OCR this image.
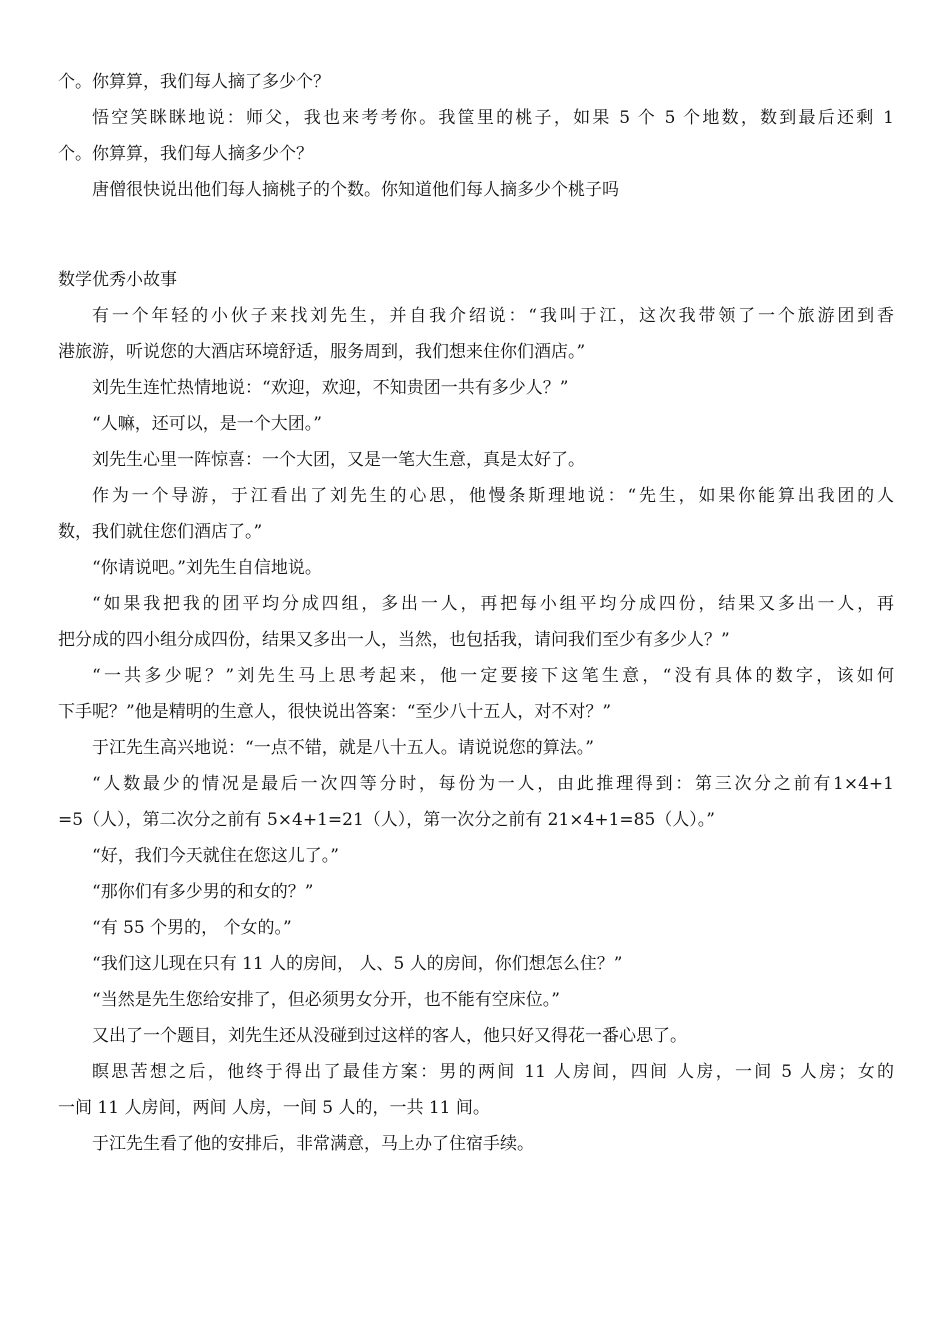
个。你算算，我们每人摘了多少个？
悟空笑眯眯地说：师父，我也来考考你。我筐里的桃子，如果 5 个 5 个地数，数到最后还剩 1
个。你算算，我们每人摘多少个？
唐僧很快说出他们每人摘桃子的个数。你知道他们每人摘多少个桃子吗
数学优秀小故事
有一个年轻的小伙子来找刘先生，并自我介绍说：“我叫于江，这次我带领了一个旅游团到香
港旅游，听说您的大酒店环境舒适，服务周到，我们想来住你们酒店。”
刘先生连忙热情地说：“欢迎，欢迎，不知贵团一共有多少人？”
“人嘛，还可以，是一个大团。”
刘先生心里一阵惊喜：一个大团，又是一笔大生意，真是太好了。
作为一个导游，于江看出了刘先生的心思，他慢条斯理地说：“先生，如果你能算出我团的人
数，我们就住您们酒店了。”
“你请说吧。”刘先生自信地说。
“如果我把我的团平均分成四组，多出一人，再把每小组平均分成四份，结果又多出一人，再
把分成的四小组分成四份，结果又多出一人，当然，也包括我，请问我们至少有多少人？”
“一共多少呢？”刘先生马上思考起来，他一定要接下这笔生意，“没有具体的数字，该如何
下手呢？”他是精明的生意人，很快说出答案：“至少八十五人，对不对？”
于江先生高兴地说：“一点不错，就是八十五人。请说说您的算法。”
“人数最少的情况是最后一次四等分时，每份为一人，由此推理得到：第三次分之前有1×4+1
=5（人），第二次分之前有 5×4+1=21（人），第一次分之前有 21×4+1=85（人）。”
“好，我们今天就住在您这儿了。”
“那你们有多少男的和女的？”
“有 55 个男的， 个女的。”
“我们这儿现在只有 11 人的房间， 人、5 人的房间，你们想怎么住？”
“当然是先生您给安排了，但必须男女分开，也不能有空床位。”
又出了一个题目，刘先生还从没碰到过这样的客人，他只好又得花一番心思了。
瞑思苦想之后，他终于得出了最佳方案：男的两间 11 人房间，四间 人房，一间 5 人房；女的
一间 11 人房间，两间 人房，一间 5 人的，一共 11 间。
于江先生看了他的安排后，非常满意，马上办了住宿手续。
